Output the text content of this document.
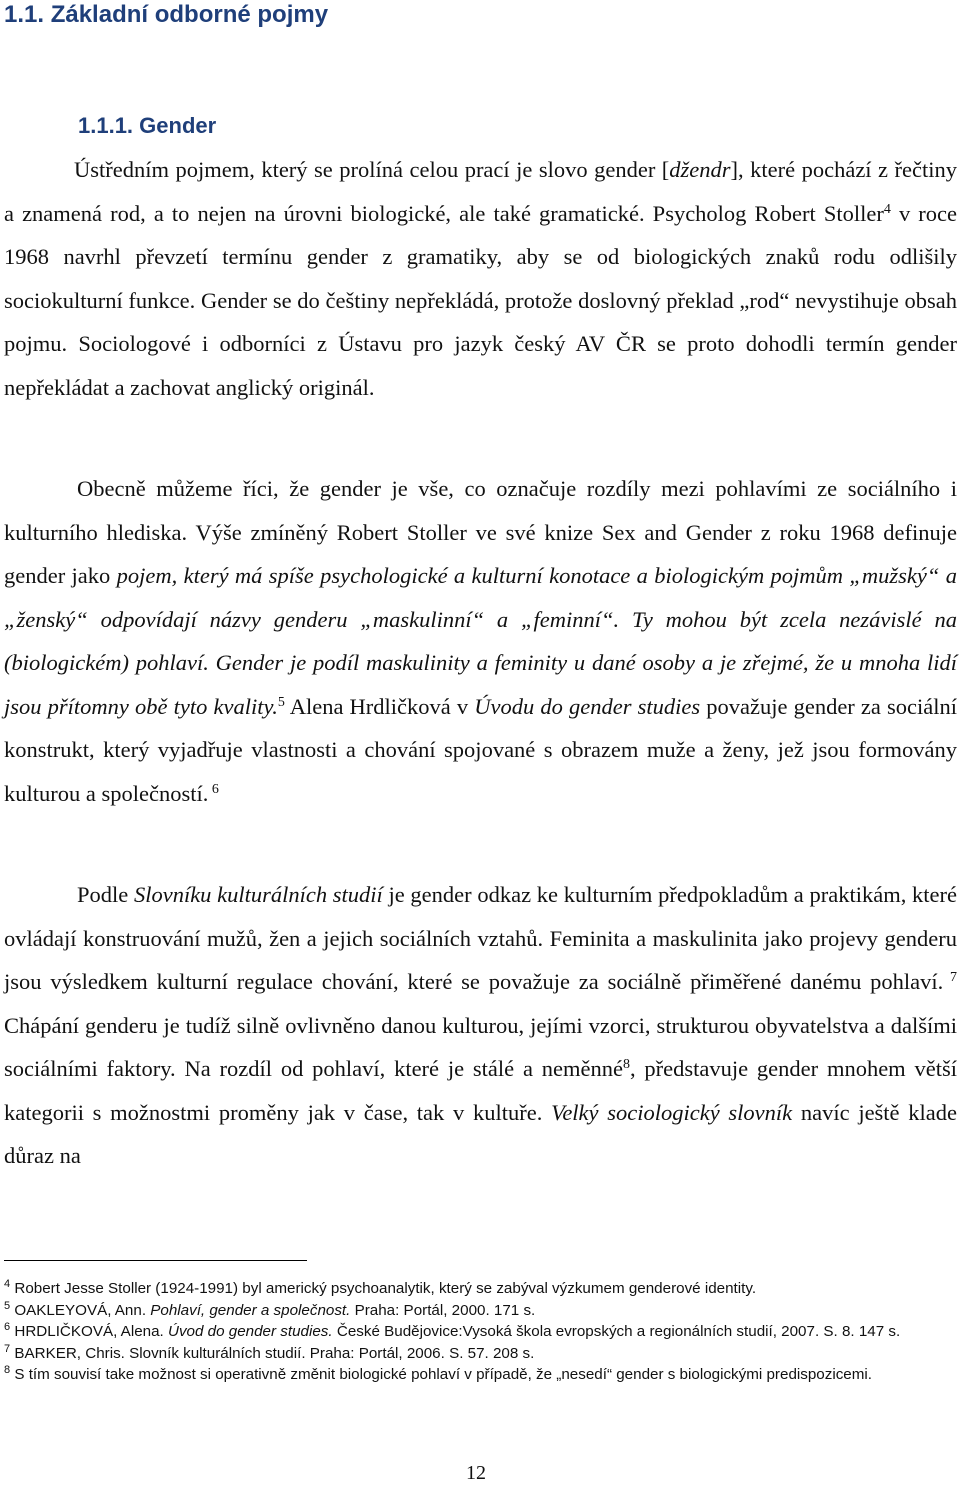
1.1. Základní odborné pojmy
1.1.1. Gender

Ústředním pojmem, který se prolíná celou prací je slovo gender [džendr], které pochází z řečtiny a znamená rod, a to nejen na úrovni biologické, ale také gramatické. Psycholog Robert Stoller$^4$ v roce 1968 navrhl převzetí termínu gender z gramatiky, aby se od biologických znaků rodu odlišily sociokulturní funkce. Gender se do češtiny nepřekládá, protože doslovný překlad „rod“ nevystihuje obsah pojmu. Sociologové i odborníci z Ústavu pro jazyk český AV ČR se proto dohodli termín gender nepřekládat a zachovat anglický originál.

Obecně můžeme říci, že gender je vše, co označuje rozdíly mezi pohlavími ze sociálního i kulturního hlediska. Výše zmíněný Robert Stoller ve své knize Sex and Gender z roku 1968 definuje gender jako pojem, který má spíše psychologické a kulturní konotace a biologickým pojmům „mužský“ a „ženský“ odpovídají názvy genderu „maskulinní“ a „feminní“. Ty mohou být zcela nezávislé na (biologickém) pohlaví. Gender je podíl maskulinity a feminity u dané osoby a je zřejmé, že u mnoha lidí jsou přítomny obě tyto kvality.$^5$ Alena Hrdličková v Úvodu do gender studies považuje gender za sociální konstrukt, který vyjadřuje vlastnosti a chování spojované s obrazem muže a ženy, jež jsou formovány kulturou a společností. $^6$

Podle Slovníku kulturálních studií je gender odkaz ke kulturním předpokladům a praktikám, které ovládají konstruování mužů, žen a jejich sociálních vztahů. Feminita a maskulinita jako projevy genderu jsou výsledkem kulturní regulace chování, které se považuje za sociálně přiměřené danému pohlaví. $^7$ Chápání genderu je tudíž silně ovlivněno danou kulturou, jejími vzorci, strukturou obyvatelstva a dalšími sociálními faktory. Na rozdíl od pohlaví, které je stálé a neměnné$^8$, představuje gender mnohem větší kategorii s možnostmi proměny jak v čase, tak v kultuře. Velký sociologický slovník navíc ještě klade důraz na

$^4$ Robert Jesse Stoller (1924-1991) byl americký psychoanalytik, který se zabýval výzkumem genderové identity.

$^5$ OAKLEYOVÁ, Ann. Pohlaví, gender a společnost. Praha: Portál, 2000. 171 s.

$^6$ HRDLIČKOVÁ, Alena. Úvod do gender studies. České Budějovice:Vysoká škola evropských a regionálních studií, 2007. S. 8. 147 s.

$^7$ BARKER, Chris. Slovník kulturálních studií. Praha: Portál, 2006. S. 57. 208 s.

$^8$ S tím souvisí take možnost si operativně změnit biologické pohlaví v případě, že „nesedí“ gender s biologickými predispozicemi.

12
